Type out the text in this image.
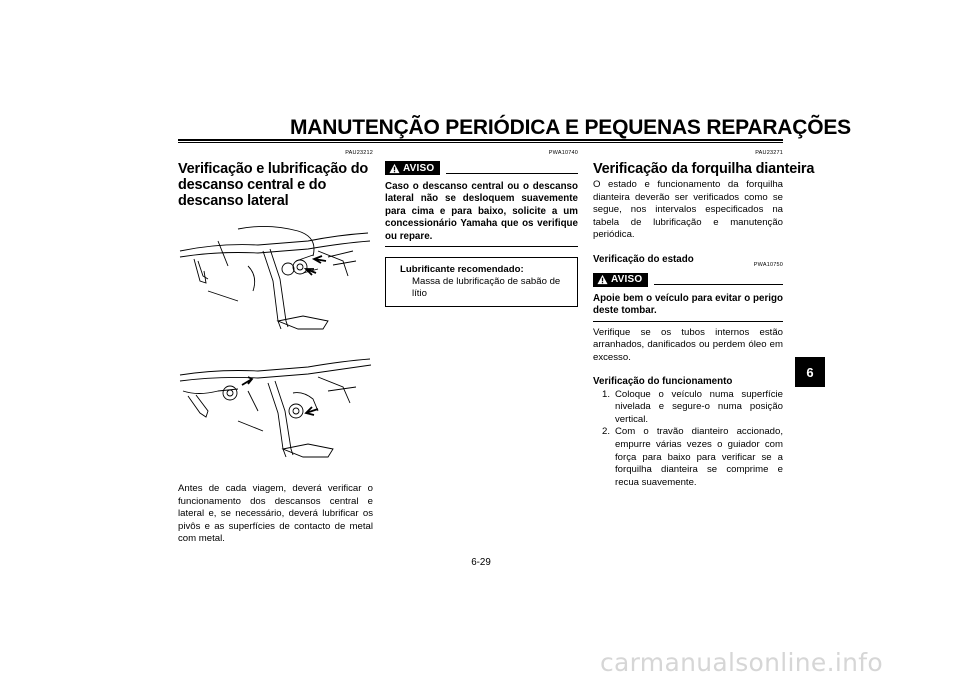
MANUTENÇÃO PERIÓDICA E PEQUENAS REPARAÇÕES
PAU23212
Verificação e lubrificação do descanso central e do descanso lateral
Antes de cada viagem, deverá verificar o funcionamento dos descansos central e lateral e, se necessário, deverá lubrificar os pivôs e as superfícies de contacto de metal com metal.
PWA10740
AVISO
Caso o descanso central ou o descanso lateral não se desloquem suavemente para cima e para baixo, solicite a um concessionário Yamaha que os verifique ou repare.
Lubrificante recomendado:
Massa de lubrificação de sabão de lítio
PAU23271
Verificação da forquilha dianteira
O estado e funcionamento da forquilha dianteira deverão ser verificados como se segue, nos intervalos especificados na tabela de lubrificação e manutenção periódica.
Verificação do estado	PWA10750
AVISO
Apoie bem o veículo para evitar o perigo deste tombar.
Verifique se os tubos internos estão arranhados, danificados ou perdem óleo em excesso.
Verificação do funcionamento
1. Coloque o veículo numa superfície nivelada e segure-o numa posição vertical.
2. Com o travão dianteiro accionado, empurre várias vezes o guiador com força para baixo para verificar se a forquilha dianteira se comprime e recua suavemente.
6
6-29
carmanualsonline.info
